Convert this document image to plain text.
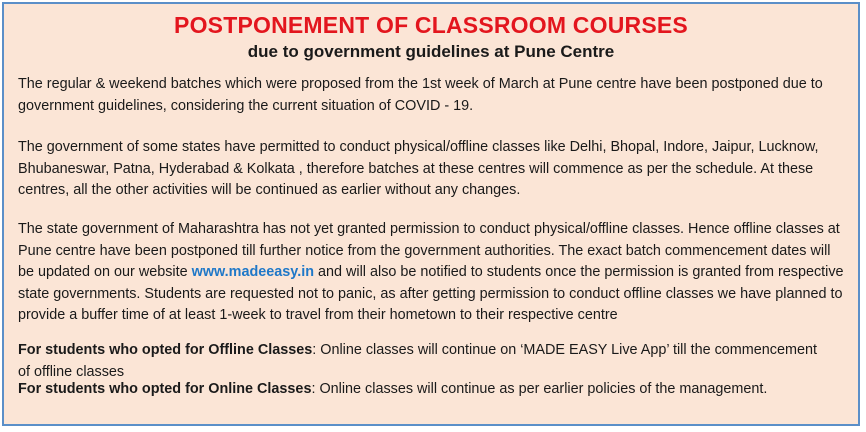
POSTPONEMENT OF CLASSROOM COURSES
due to government guidelines at Pune Centre

The regular & weekend batches which were proposed from the 1st week of March at Pune centre have been postponed due to government guidelines, considering the current situation of COVID - 19.

The government of some states have permitted to conduct physical/offline classes like Delhi, Bhopal, Indore, Jaipur, Lucknow, Bhubaneswar, Patna, Hyderabad & Kolkata , therefore batches at these centres will commence as per the schedule. At these centres, all the other activities will be continued as earlier without any changes.

The state government of Maharashtra has not yet granted permission to conduct physical/offline classes. Hence offline classes at Pune centre have been postponed till further notice from the government authorities. The exact batch commencement dates will be updated on our website www.madeeasy.in and will also be notified to students once the permission is granted from respective state governments. Students are requested not to panic, as after getting permission to conduct offline classes we have planned to provide a buffer time of at least 1-week to travel from their hometown to their respective centre

For students who opted for Offline Classes: Online classes will continue on ‘MADE EASY Live App’ till the commencement of offline classes

For students who opted for Online Classes: Online classes will continue as per earlier policies of the management.
